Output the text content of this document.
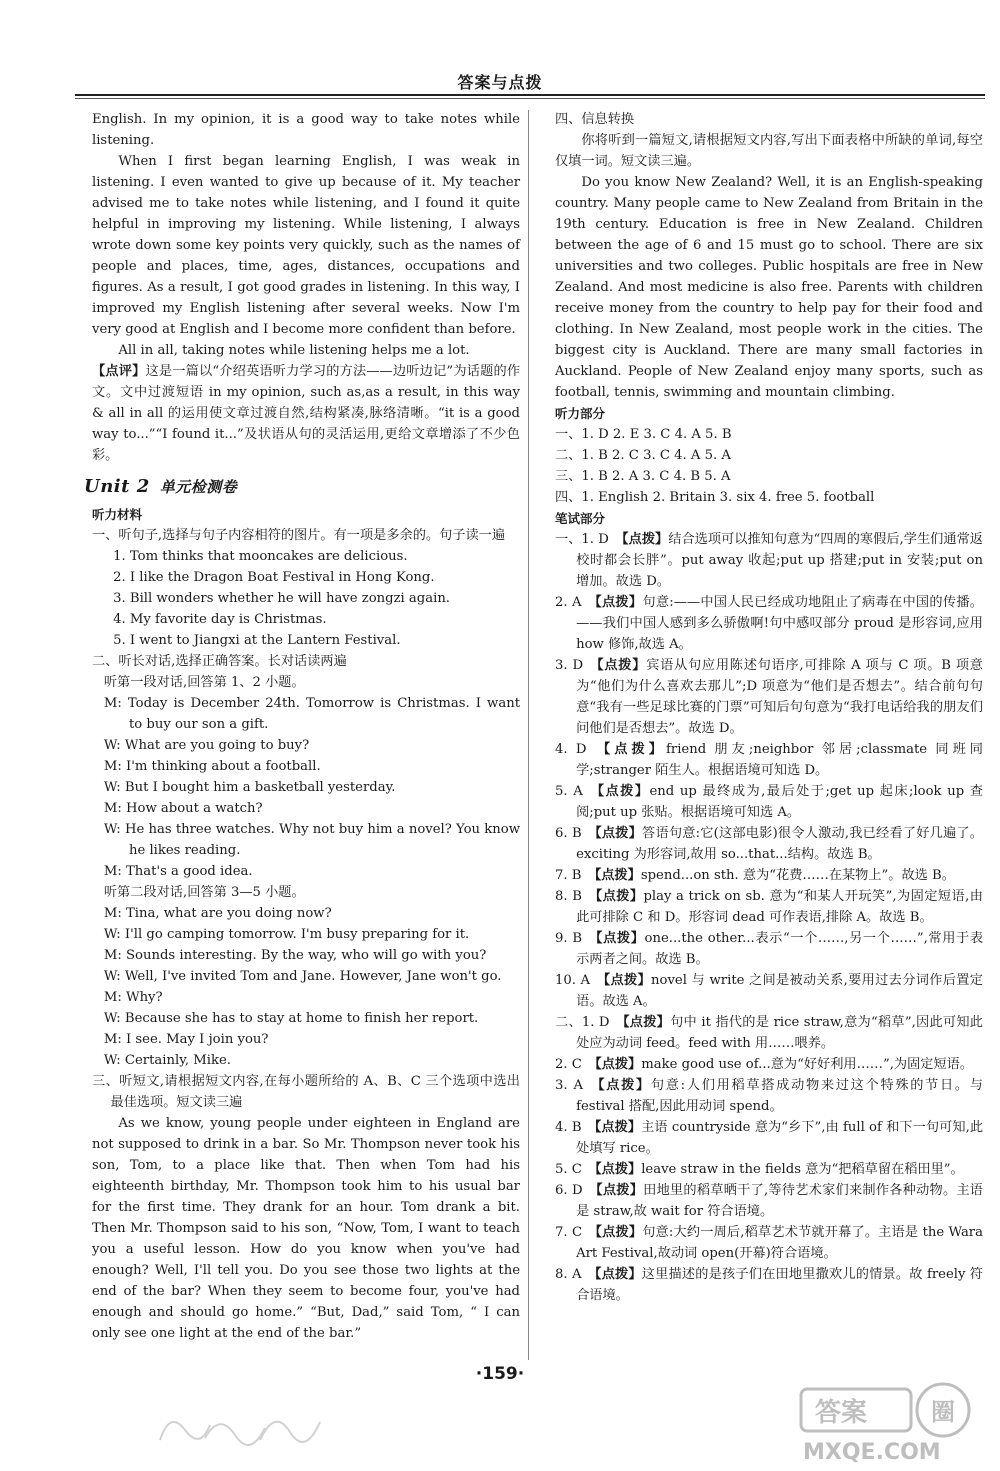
答案与点拨

English. In my opinion, it is a good way to take notes while listening.

When I first began learning English, I was weak in listening. I even wanted to give up because of it. My teacher advised me to take notes while listening, and I found it quite helpful in improving my listening. While listening, I always wrote down some key points very quickly, such as the names of people and places, time, ages, distances, occupations and figures. As a result, I got good grades in listening. In this way, I improved my English listening after several weeks. Now I'm very good at English and I become more confident than before.

All in all, taking notes while listening helps me a lot.

【点评】这是一篇以“介绍英语听力学习的方法——边听边记”为话题的作文。文中过渡短语 in my opinion, such as,as a result, in this way & all in all 的运用使文章过渡自然,结构紧凑,脉络清晰。“it is a good way to...”“I found it...”及状语从句的灵活运用,更给文章增添了不少色彩。

Unit 2 单元检测卷

听力材料

一、听句子,选择与句子内容相符的图片。有一项是多余的。句子读一遍

1. Tom thinks that mooncakes are delicious.

2. I like the Dragon Boat Festival in Hong Kong.

3. Bill wonders whether he will have zongzi again.

4. My favorite day is Christmas.

5. I went to Jiangxi at the Lantern Festival.

二、听长对话,选择正确答案。长对话读两遍

听第一段对话,回答第 1、2 小题。

M: Today is December 24th. Tomorrow is Christmas. I want to buy our son a gift.

W: What are you going to buy?

M: I'm thinking about a football.

W: But I bought him a basketball yesterday.

M: How about a watch?

W: He has three watches. Why not buy him a novel? You know he likes reading.

M: That's a good idea.

听第二段对话,回答第 3—5 小题。

M: Tina, what are you doing now?

W: I'll go camping tomorrow. I'm busy preparing for it.

M: Sounds interesting. By the way, who will go with you?

W: Well, I've invited Tom and Jane. However, Jane won't go.

M: Why?

W: Because she has to stay at home to finish her report.

M: I see. May I join you?

W: Certainly, Mike.

三、听短文,请根据短文内容,在每小题所给的 A、B、C 三个选项中选出最佳选项。短文读三遍

As we know, young people under eighteen in England are not supposed to drink in a bar. So Mr. Thompson never took his son, Tom, to a place like that. Then when Tom had his eighteenth birthday, Mr. Thompson took him to his usual bar for the first time. They drank for an hour. Tom drank a bit. Then Mr. Thompson said to his son, “Now, Tom, I want to teach you a useful lesson. How do you know when you've had enough? Well, I'll tell you. Do you see those two lights at the end of the bar? When they seem to become four, you've had enough and should go home.” “But, Dad,” said Tom, “ I can only see one light at the end of the bar.”

四、信息转换

你将听到一篇短文,请根据短文内容,写出下面表格中所缺的单词,每空仅填一词。短文读三遍。

Do you know New Zealand? Well, it is an English-speaking country. Many people came to New Zealand from Britain in the 19th century. Education is free in New Zealand. Children between the age of 6 and 15 must go to school. There are six universities and two colleges. Public hospitals are free in New Zealand. And most medicine is also free. Parents with children receive money from the country to help pay for their food and clothing. In New Zealand, most people work in the cities. The biggest city is Auckland. There are many small factories in Auckland. People of New Zealand enjoy many sports, such as football, tennis, swimming and mountain climbing.

听力部分

一、1. D 2. E 3. C 4. A 5. B

二、1. B 2. C 3. C 4. A 5. A

三、1. B 2. A 3. C 4. B 5. A

四、1. English 2. Britain 3. six 4. free 5. football

笔试部分

一、1. D  【点拨】结合选项可以推知句意为“四周的寒假后,学生们通常返校时都会长胖”。put away 收起;put up 搭建;put in 安装;put on 增加。故选 D。

2. A  【点拨】句意:——中国人民已经成功地阻止了病毒在中国的传播。——我们中国人感到多么骄傲啊!句中感叹部分 proud 是形容词,应用 how 修饰,故选 A。

3. D  【点拨】宾语从句应用陈述句语序,可排除 A 项与 C 项。B 项意为“他们为什么喜欢去那儿”;D 项意为“他们是否想去”。结合前句句意“我有一些足球比赛的门票”可知后句句意为“我打电话给我的朋友们问他们是否想去”。故选 D。

4. D  【点拨】friend 朋友;neighbor 邻居;classmate 同班同学;stranger 陌生人。根据语境可知选 D。

5. A  【点拨】end up 最终成为,最后处于;get up 起床;look up 查阅;put up 张贴。根据语境可知选 A。

6. B  【点拨】答语句意:它(这部电影)很令人激动,我已经看了好几遍了。exciting 为形容词,故用 so...that...结构。故选 B。

7. B  【点拨】spend...on sth. 意为“花费……在某物上”。故选 B。

8. B  【点拨】play a trick on sb. 意为“和某人开玩笑”,为固定短语,由此可排除 C 和 D。形容词 dead 可作表语,排除 A。故选 B。

9. B  【点拨】one...the other...表示“一个……,另一个……”,常用于表示两者之间。故选 B。

10. A  【点拨】novel 与 write 之间是被动关系,要用过去分词作后置定语。故选 A。

二、1. D  【点拨】句中 it 指代的是 rice straw,意为“稻草”,因此可知此处应为动词 feed。feed with 用……喂养。

2. C  【点拨】make good use of...意为“好好利用……”,为固定短语。

3. A  【点拨】句意:人们用稻草搭成动物来过这个特殊的节日。与 festival 搭配,因此用动词 spend。

4. B  【点拨】主语 countryside 意为“乡下”,由 full of 和下一句可知,此处填写 rice。

5. C  【点拨】leave straw in the fields 意为“把稻草留在稻田里”。

6. D  【点拨】田地里的稻草晒干了,等待艺术家们来制作各种动物。主语是 straw,故 wait for 符合语境。

7. C  【点拨】句意:大约一周后,稻草艺术节就开幕了。主语是 the Wara Art Festival,故动词 open(开幕)符合语境。

8. A  【点拨】这里描述的是孩子们在田地里撒欢儿的情景。故 freely 符合语境。

·159·
答案	圈
MXQE.COM
